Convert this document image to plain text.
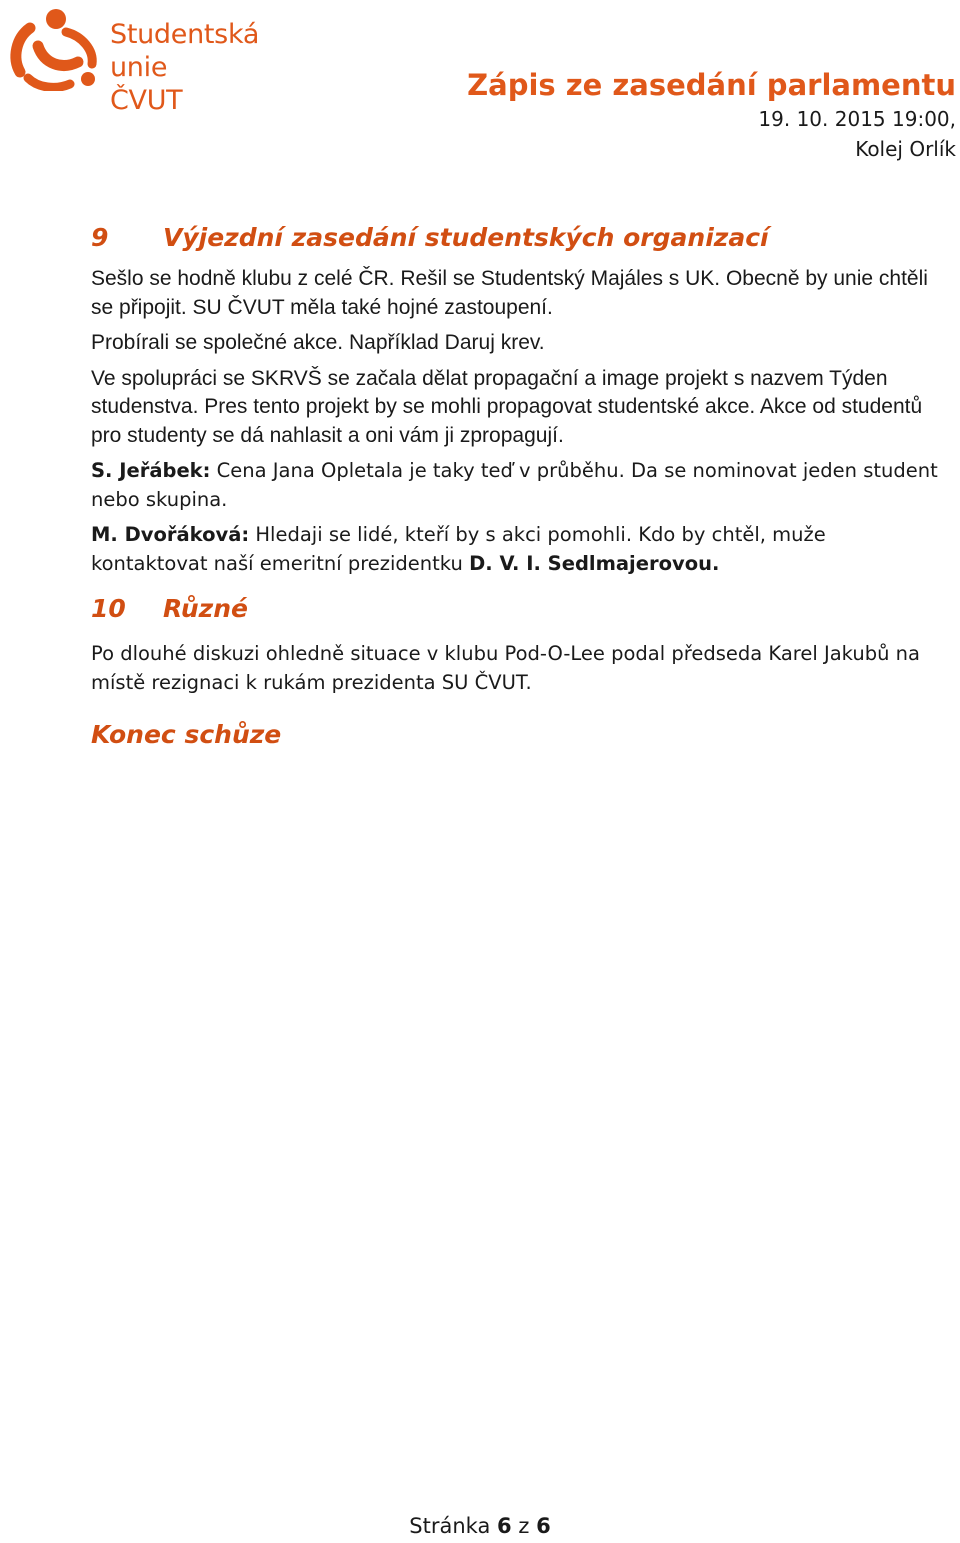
Studentská unie
ČVUT	Zápis ze zasedání parlamentu
19. 10. 2015 19:00,
Kolej Orlík
9	Výjezdní zasedání studentských organizací

Sešlo se hodně klubu z celé ČR. Rešil se Studentský Majáles s UK. Obecně by unie chtěli se připojit. SU ČVUT měla také hojné zastoupení.

Probírali se společné akce. Například Daruj krev.

Ve spolupráci se SKRVŠ se začala dělat propagační a image projekt s nazvem Týden studenstva. Pres tento projekt by se mohli propagovat studentské akce. Akce od studentů pro studenty se dá nahlasit a oni vám ji zpropagují.

S. Jeřábek: Cena Jana Opletala je taky teď v průběhu. Da se nominovat jeden student nebo skupina.

M. Dvořáková: Hledaji se lidé, kteří by s akci pomohli. Kdo by chtěl, muže kontaktovat naší emeritní prezidentku D. V. I. Sedlmajerovou.

10	Různé

Po dlouhé diskuzi ohledně situace v klubu Pod-O-Lee podal předseda Karel Jakubů na místě rezignaci k rukám prezidenta SU ČVUT.

Konec schůze
Stránka 6 z 6
